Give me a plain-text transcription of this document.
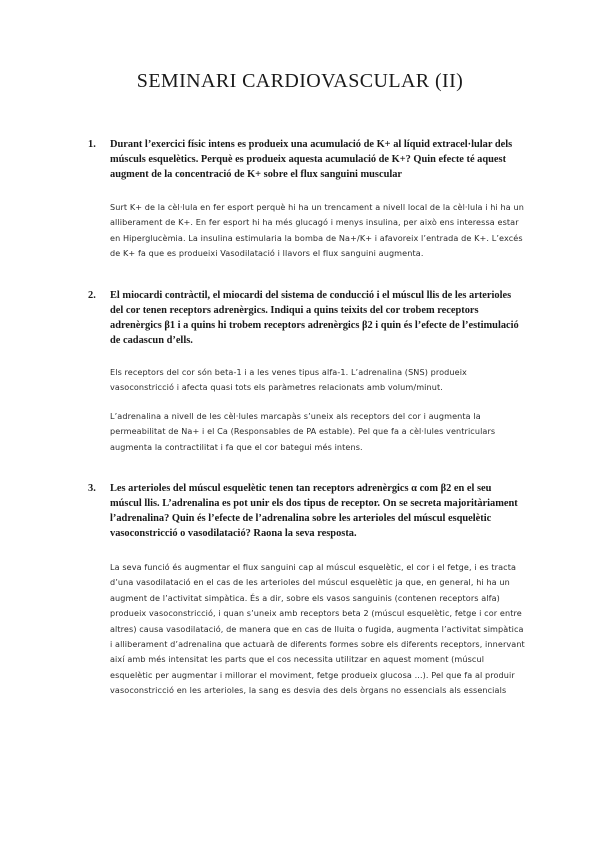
SEMINARI CARDIOVASCULAR (II)
1.	Durant l’exercici físic intens es produeix una acumulació de K+ al líquid extracel·lular dels músculs esquelètics. Perquè es produeix aquesta acumulació de K+? Quin efecte té aquest augment de la concentració de K+ sobre el flux sanguini muscular
Surt K+ de la cèl·lula en fer esport perquè hi ha un trencament a nivell local de la cèl·lula i hi ha un alliberament de K+. En fer esport hi ha més glucagó i menys insulina, per això ens interessa estar en Hiperglucèmia. La insulina estimularia la bomba de Na+/K+ i afavoreix l’entrada de K+. L’excés de K+ fa que es produeixi Vasodilatació i llavors el flux sanguini augmenta.
2.	El miocardi contràctil, el miocardi del sistema de conducció i el múscul llis de les arterioles del cor tenen receptors adrenèrgics. Indiqui a quins teixits del cor trobem receptors adrenèrgics β1 i a quins hi trobem receptors adrenèrgics β2 i quin és l’efecte de l’estimulació de cadascun d’ells.
Els receptors del cor són beta-1 i a les venes tipus alfa-1. L’adrenalina (SNS) produeix vasoconstricció i afecta quasi tots els paràmetres relacionats amb volum/minut.
L’adrenalina a nivell de les cèl·lules marcapàs s’uneix als receptors del cor i augmenta la permeabilitat de Na+ i el Ca (Responsables de PA estable). Pel que fa a cèl·lules ventriculars augmenta la contractilitat i fa que el cor bategui més intens.
3.	Les arterioles del múscul esquelètic tenen tan receptors adrenèrgics α com β2 en el seu múscul llis. L’adrenalina es pot unir els dos tipus de receptor. On se secreta majoritàriament l’adrenalina? Quin és l’efecte de l’adrenalina sobre les arterioles del múscul esquelètic vasoconstricció o vasodilatació? Raona la seva resposta.
La seva funció és augmentar el flux sanguini cap al múscul esquelètic, el cor i el fetge, i es tracta d’una vasodilatació en el cas de les arterioles del múscul esquelètic ja que, en general, hi ha un augment de l’activitat simpàtica. És a dir, sobre els vasos sanguinis (contenen receptors alfa) produeix vasoconstricció, i quan s’uneix amb receptors beta 2 (múscul esquelètic, fetge i cor entre altres) causa vasodilatació, de manera que en cas de lluita o fugida, augmenta l’activitat simpàtica i alliberament d’adrenalina que actuarà de diferents formes sobre els diferents receptors, innervant així amb més intensitat les parts que el cos necessita utilitzar en aquest moment (múscul esquelètic per augmentar i millorar el moviment, fetge produeix glucosa ...). Pel que fa al produir vasoconstricció en les arterioles, la sang es desvia des dels òrgans no essencials als essencials
